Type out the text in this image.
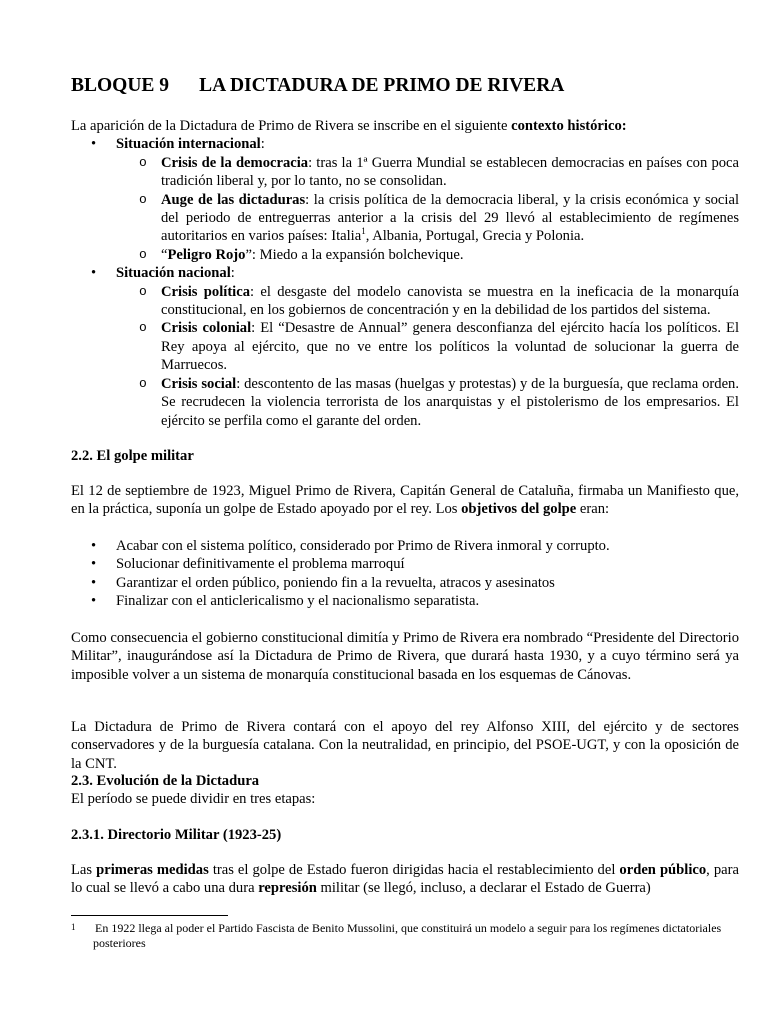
BLOQUE 9 LA DICTADURA DE PRIMO DE RIVERA

La aparición de la Dictadura de Primo de Rivera se inscribe en el siguiente contexto histórico:

• Situación internacional:
o Crisis de la democracia: tras la 1ª Guerra Mundial se establecen democracias en países con poca tradición liberal y, por lo tanto, no se consolidan.
o Auge de las dictaduras: la crisis política de la democracia liberal, y la crisis económica y social del periodo de entreguerras anterior a la crisis del 29 llevó al establecimiento de regímenes autoritarios en varios países: Italia$^1$, Albania, Portugal, Grecia y Polonia.
o “Peligro Rojo”: Miedo a la expansión bolchevique.
• Situación nacional:
o Crisis política: el desgaste del modelo canovista se muestra en la ineficacia de la monarquía constitucional, en los gobiernos de concentración y en la debilidad de los partidos del sistema.
o Crisis colonial: El “Desastre de Annual” genera desconfianza del ejército hacía los políticos. El Rey apoya al ejército, que no ve entre los políticos la voluntad de solucionar la guerra de Marruecos.
o Crisis social: descontento de las masas (huelgas y protestas) y de la burguesía, que reclama orden. Se recrudecen la violencia terrorista de los anarquistas y el pistolerismo de los empresarios. El ejército se perfila como el garante del orden.

2.2. El golpe militar

El 12 de septiembre de 1923, Miguel Primo de Rivera, Capitán General de Cataluña, firmaba un Manifiesto que, en la práctica, suponía un golpe de Estado apoyado por el rey. Los objetivos del golpe eran:

• Acabar con el sistema político, considerado por Primo de Rivera inmoral y corrupto.
• Solucionar definitivamente el problema marroquí
• Garantizar el orden público, poniendo fin a la revuelta, atracos y asesinatos
• Finalizar con el anticlericalismo y el nacionalismo separatista.

Como consecuencia el gobierno constitucional dimitía y Primo de Rivera era nombrado “Presidente del Directorio Militar”, inaugurándose así la Dictadura de Primo de Rivera, que durará hasta 1930, y a cuyo término será ya imposible volver a un sistema de monarquía constitucional basada en los esquemas de Cánovas.

La Dictadura de Primo de Rivera contará con el apoyo del rey Alfonso XIII, del ejército y de sectores conservadores y de la burguesía catalana. Con la neutralidad, en principio, del PSOE-UGT, y con la oposición de la CNT.

2.3. Evolución de la Dictadura

El período se puede dividir en tres etapas:

2.3.1. Directorio Militar (1923-25)

Las primeras medidas tras el golpe de Estado fueron dirigidas hacia el restablecimiento del orden público, para lo cual se llevó a cabo una dura represión militar (se llegó, incluso, a declarar el Estado de Guerra)

1	En 1922 llega al poder el Partido Fascista de Benito Mussolini, que constituirá un modelo a seguir para los regímenes dictatoriales posteriores
